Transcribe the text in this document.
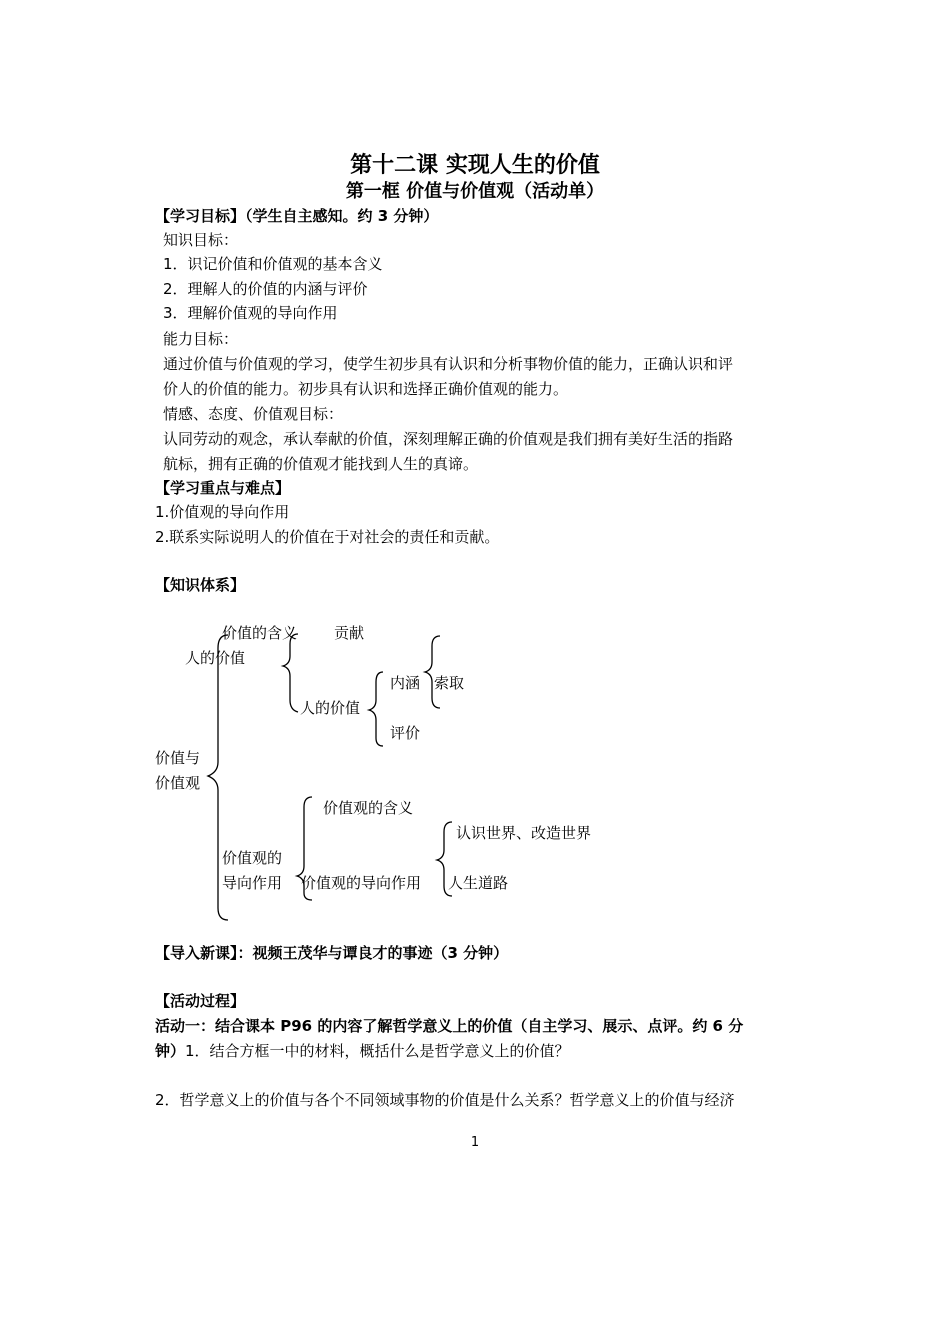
第十二课 实现人生的价值
第一框 价值与价值观（活动单）
【学习目标】（学生自主感知。约 3 分钟）
知识目标：
1．识记价值和价值观的基本含义
2．理解人的价值的内涵与评价
3．理解价值观的导向作用
能力目标：
通过价值与价值观的学习，使学生初步具有认识和分析事物价值的能力，正确认识和评
价人的价值的能力。初步具有认识和选择正确价值观的能力。
情感、态度、价值观目标：
认同劳动的观念，承认奉献的价值，深刻理解正确的价值观是我们拥有美好生活的指路
航标，拥有正确的价值观才能找到人生的真谛。
【学习重点与难点】
1.价值观的导向作用
2.联系实际说明人的价值在于对社会的责任和贡献。
【知识体系】
价值的含义 贡献
人的价值
内涵 索取
人的价值
评价
价值与
价值观
价值观的含义
认识世界、改造世界
价值观的
导向作用 价值观的导向作用 人生道路
【导入新课】：视频王茂华与谭良才的事迹（3 分钟）
【活动过程】
活动一：结合课本 P96 的内容了解哲学意义上的价值（自主学习、展示、点评。约 6 分
钟）1．结合方框一中的材料，概括什么是哲学意义上的价值？
2．哲学意义上的价值与各个不同领域事物的价值是什么关系？哲学意义上的价值与经济
1
